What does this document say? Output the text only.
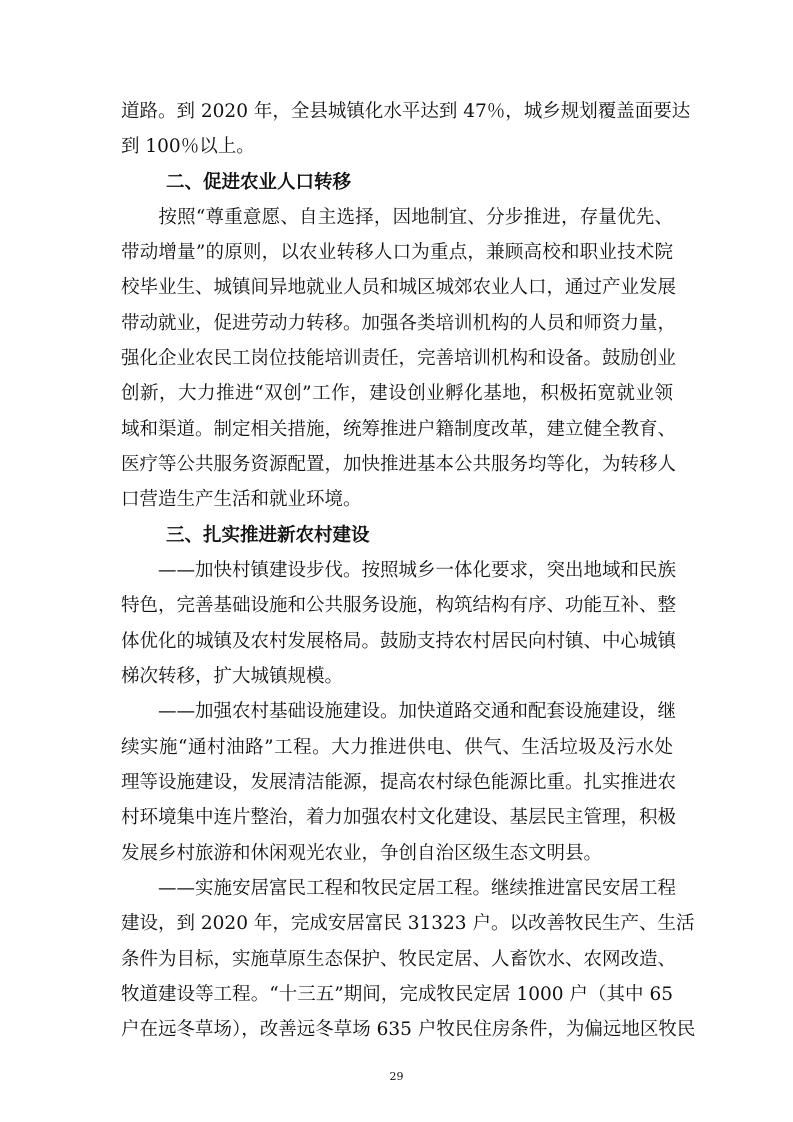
道路。到 2020 年，全县城镇化水平达到 47％，城乡规划覆盖面要达
到 100％以上。
二、促进农业人口转移
　　按照“尊重意愿、自主选择，因地制宜、分步推进，存量优先、
带动增量”的原则，以农业转移人口为重点，兼顾高校和职业技术院
校毕业生、城镇间异地就业人员和城区城郊农业人口，通过产业发展
带动就业，促进劳动力转移。加强各类培训机构的人员和师资力量，
强化企业农民工岗位技能培训责任，完善培训机构和设备。鼓励创业
创新，大力推进“双创”工作，建设创业孵化基地，积极拓宽就业领
域和渠道。制定相关措施，统筹推进户籍制度改革，建立健全教育、
医疗等公共服务资源配置，加快推进基本公共服务均等化，为转移人
口营造生产生活和就业环境。
三、扎实推进新农村建设
　　——加快村镇建设步伐。按照城乡一体化要求，突出地域和民族
特色，完善基础设施和公共服务设施，构筑结构有序、功能互补、整
体优化的城镇及农村发展格局。鼓励支持农村居民向村镇、中心城镇
梯次转移，扩大城镇规模。
　　——加强农村基础设施建设。加快道路交通和配套设施建设，继
续实施“通村油路”工程。大力推进供电、供气、生活垃圾及污水处
理等设施建设，发展清洁能源，提高农村绿色能源比重。扎实推进农
村环境集中连片整治，着力加强农村文化建设、基层民主管理，积极
发展乡村旅游和休闲观光农业，争创自治区级生态文明县。
　　——实施安居富民工程和牧民定居工程。继续推进富民安居工程
建设，到 2020 年，完成安居富民 31323 户。以改善牧民生产、生活
条件为目标，实施草原生态保护、牧民定居、人畜饮水、农网改造、
牧道建设等工程。“十三五”期间，完成牧民定居 1000 户（其中 65
户在远冬草场），改善远冬草场 635 户牧民住房条件，为偏远地区牧民
29
